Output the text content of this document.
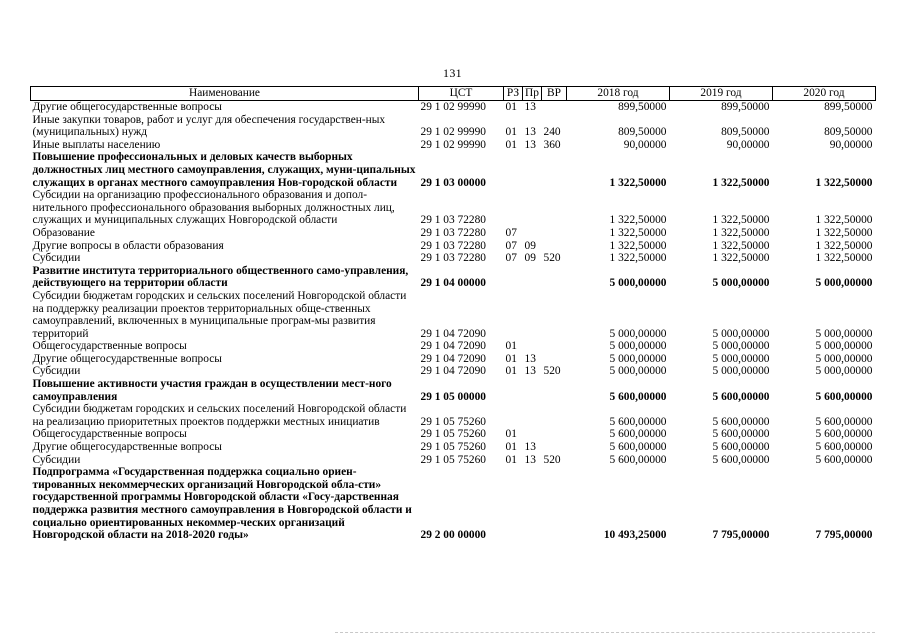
131
Наименование	ЦСТ	РЗ	Пр	ВР	2018 год	2019 год	2020 год
Другие общегосударственные вопросы	29 1 02 99990	01	13		899,50000	899,50000	899,50000
Иные закупки товаров, работ и услуг для обеспечения государствен-ных (муниципальных) нужд	29 1 02 99990	01	13	240	809,50000	809,50000	809,50000
Иные выплаты населению	29 1 02 99990	01	13	360	90,00000	90,00000	90,00000
Повышение профессиональных и деловых качеств выборных должностных лиц местного самоуправления, служащих, муни-ципальных служащих в органах местного самоуправления Нов-городской области	29 1 03 00000				1 322,50000	1 322,50000	1 322,50000
Субсидии на организацию профессионального образования и допол-нительного профессионального образования выборных должностных лиц, служащих и муниципальных служащих Новгородской области	29 1 03 72280				1 322,50000	1 322,50000	1 322,50000
Образование	29 1 03 72280	07			1 322,50000	1 322,50000	1 322,50000
Другие вопросы в области образования	29 1 03 72280	07	09		1 322,50000	1 322,50000	1 322,50000
Субсидии	29 1 03 72280	07	09	520	1 322,50000	1 322,50000	1 322,50000
Развитие института территориального общественного само-управления, действующего на территории области	29 1 04 00000				5 000,00000	5 000,00000	5 000,00000
Субсидии бюджетам городских и сельских поселений Новгородской области на поддержку реализации проектов территориальных обще-ственных самоуправлений, включенных в муниципальные програм-мы развития территорий	29 1 04 72090				5 000,00000	5 000,00000	5 000,00000
Общегосударственные вопросы	29 1 04 72090	01			5 000,00000	5 000,00000	5 000,00000
Другие общегосударственные вопросы	29 1 04 72090	01	13		5 000,00000	5 000,00000	5 000,00000
Субсидии	29 1 04 72090	01	13	520	5 000,00000	5 000,00000	5 000,00000
Повышение активности участия граждан в осуществлении мест-ного самоуправления	29 1 05 00000				5 600,00000	5 600,00000	5 600,00000
Субсидии бюджетам городских и сельских поселений Новгородской области на реализацию приоритетных проектов поддержки местных инициатив	29 1 05 75260				5 600,00000	5 600,00000	5 600,00000
Общегосударственные вопросы	29 1 05 75260	01			5 600,00000	5 600,00000	5 600,00000
Другие общегосударственные вопросы	29 1 05 75260	01	13		5 600,00000	5 600,00000	5 600,00000
Субсидии	29 1 05 75260	01	13	520	5 600,00000	5 600,00000	5 600,00000
Подпрограмма «Государственная поддержка социально ориен-тированных некоммерческих организаций Новгородской обла-сти» государственной программы Новгородской области «Госу-дарственная поддержка развития местного самоуправления в Новгородской области и социально ориентированных некоммер-ческих организаций Новгородской области на 2018-2020 годы»	29 2 00 00000				10 493,25000	7 795,00000	7 795,00000
